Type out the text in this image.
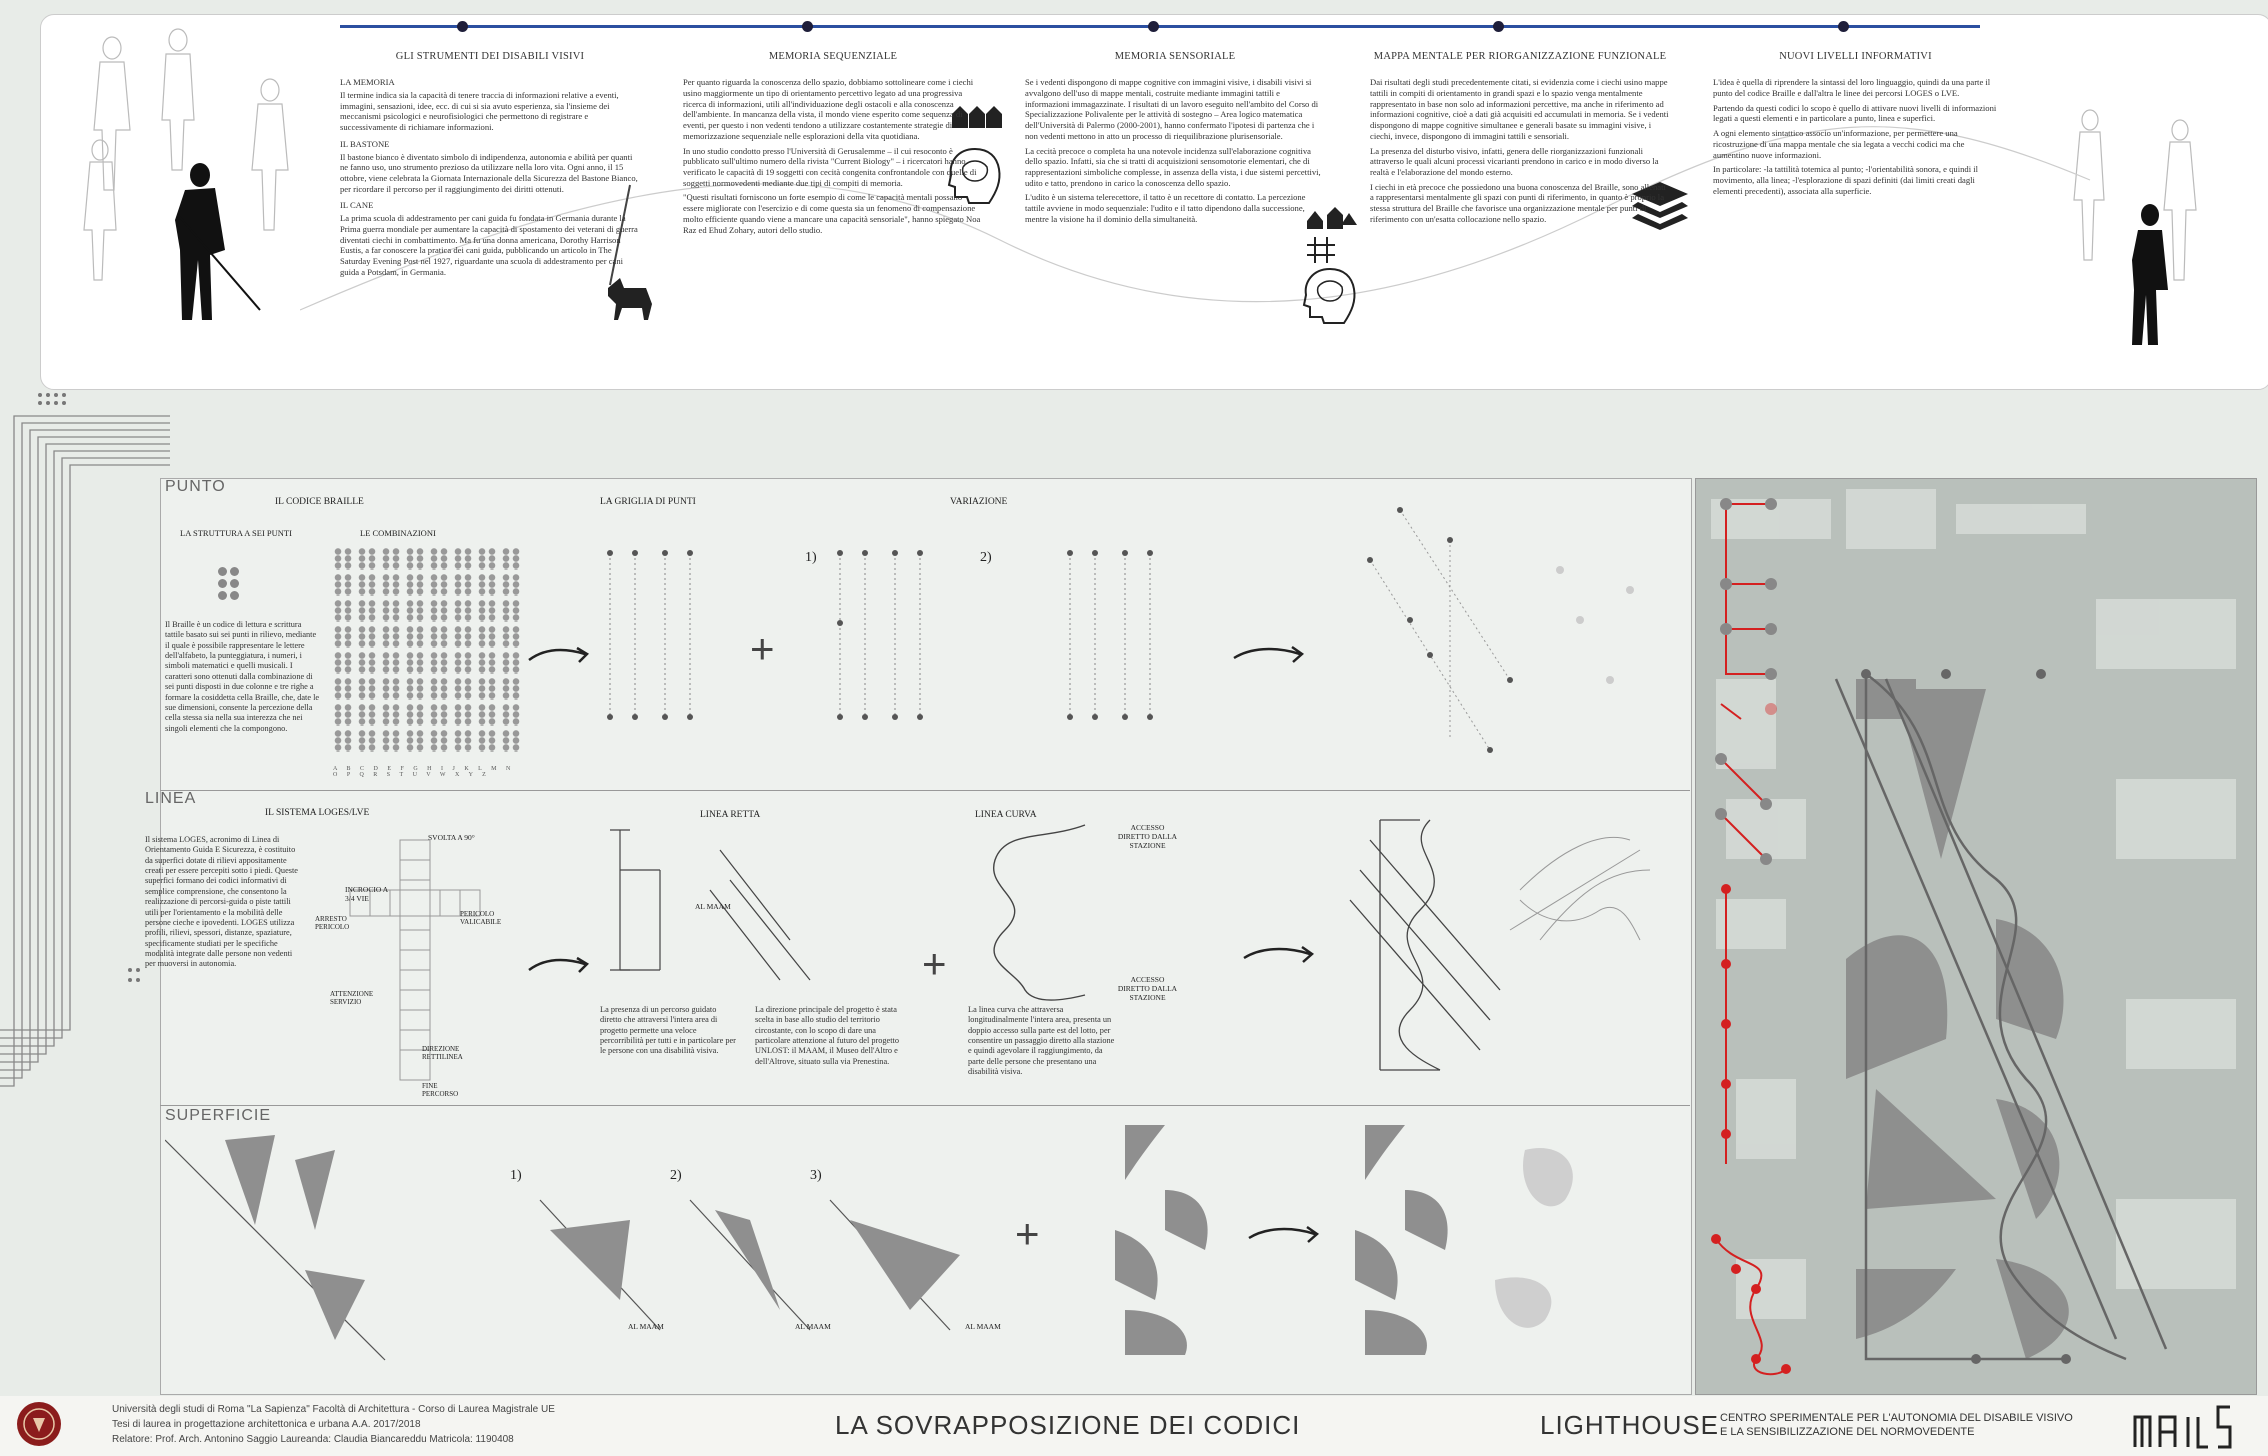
GLI STRUMENTI DEI DISABILI VISIVI
LA MEMORIA

Il termine indica sia la capacità di tenere traccia di informazioni relative a eventi, immagini, sensazioni, idee, ecc. di cui si sia avuto esperienza, sia l'insieme dei meccanismi psicologici e neurofisiologici che permettono di registrare e successivamente di richiamare informazioni.

IL BASTONE

Il bastone bianco è diventato simbolo di indipendenza, autonomia e abilità per quanti ne fanno uso, uno strumento prezioso da utilizzare nella loro vita. Ogni anno, il 15 ottobre, viene celebrata la Giornata Internazionale della Sicurezza del Bastone Bianco, per ricordare il percorso per il raggiungimento dei diritti ottenuti.

IL CANE

La prima scuola di addestramento per cani guida fu fondata in Germania durante la Prima guerra mondiale per aumentare la capacità di spostamento dei veterani di guerra diventati ciechi in combattimento. Ma fu una donna americana, Dorothy Harrison Eustis, a far conoscere la pratica dei cani guida, pubblicando un articolo in The Saturday Evening Post nel 1927, riguardante una scuola di addestramento per cani guida a Potsdam, in Germania.

MEMORIA SEQUENZIALE

Per quanto riguarda la conoscenza dello spazio, dobbiamo sottolineare come i ciechi usino maggiormente un tipo di orientamento percettivo legato ad una progressiva ricerca di informazioni, utili all'individuazione degli ostacoli e alla conoscenza dell'ambiente. In mancanza della vista, il mondo viene esperito come sequenza di eventi, per questo i non vedenti tendono a utilizzare costantemente strategie di memorizzazione sequenziale nelle esplorazioni della vita quotidiana.

In uno studio condotto presso l'Università di Gerusalemme – il cui resoconto è pubblicato sull'ultimo numero della rivista "Current Biology" – i ricercatori hanno verificato le capacità di 19 soggetti con cecità congenita confrontandole con quelle di soggetti normovedenti mediante due tipi di compiti di memoria.

"Questi risultati forniscono un forte esempio di come le capacità mentali possano essere migliorate con l'esercizio e di come questa sia un fenomeno di compensazione molto efficiente quando viene a mancare una capacità sensoriale", hanno spiegato Noa Raz ed Ehud Zohary, autori dello studio.

MEMORIA SENSORIALE

Se i vedenti dispongono di mappe cognitive con immagini visive, i disabili visivi si avvalgono dell'uso di mappe mentali, costruite mediante immagini tattili e informazioni immagazzinate. I risultati di un lavoro eseguito nell'ambito del Corso di Specializzazione Polivalente per le attività di sostegno – Area logico matematica dell'Università di Palermo (2000-2001), hanno confermato l'ipotesi di partenza che i non vedenti mettono in atto un processo di riequilibrazione plurisensoriale.

La cecità precoce o completa ha una notevole incidenza sull'elaborazione cognitiva dello spazio. Infatti, sia che si tratti di acquisizioni sensomotorie elementari, che di rappresentazioni simboliche complesse, in assenza della vista, i due sistemi percettivi, udito e tatto, prendono in carico la conoscenza dello spazio.

L'udito è un sistema telerecettore, il tatto è un recettore di contatto. La percezione tattile avviene in modo sequenziale: l'udito e il tatto dipendono dalla successione, mentre la visione ha il dominio della simultaneità.

MAPPA MENTALE PER RIORGANIZZAZIONE FUNZIONALE

Dai risultati degli studi precedentemente citati, si evidenzia come i ciechi usino mappe tattili in compiti di orientamento in grandi spazi e lo spazio venga mentalmente rappresentato in base non solo ad informazioni percettive, ma anche in riferimento ad informazioni cognitive, cioè a dati già acquisiti ed accumulati in memoria. Se i vedenti dispongono di mappe cognitive simultanee e generali basate su immagini visive, i ciechi, invece, dispongono di immagini tattili e sensoriali.

La presenza del disturbo visivo, infatti, genera delle riorganizzazioni funzionali attraverso le quali alcuni processi vicarianti prendono in carico e in modo diverso la realtà e l'elaborazione del mondo esterno.

I ciechi in età precoce che possiedono una buona conoscenza del Braille, sono allenati a rappresentarsi mentalmente gli spazi con punti di riferimento, in quanto è proprio la stessa struttura del Braille che favorisce una organizzazione mentale per punti di riferimento con un'esatta collocazione nello spazio.

NUOVI LIVELLI INFORMATIVI

L'idea è quella di riprendere la sintassi del loro linguaggio, quindi da una parte il punto del codice Braille e dall'altra le linee dei percorsi LOGES o LVE.

Partendo da questi codici lo scopo è quello di attivare nuovi livelli di informazioni legati a questi elementi e in particolare a punto, linea e superfici.

A ogni elemento sintattico associo un'informazione, per permettere una ricostruzione di una mappa mentale che sia legata a vecchi codici ma che aumentino nuove informazioni.

In particolare: -la tattilità totemica al punto; -l'orientabilità sonora, e quindi il movimento, alla linea; -l'esplorazione di spazi definiti (dai limiti creati dagli elementi precedenti), associata alla superficie.

PUNTO
IL CODICE BRAILLE
LA STRUTTURA A SEI PUNTI	LE COMBINAZIONI
Il Braille è un codice di lettura e scrittura tattile basato sui sei punti in rilievo, mediante il quale è possibile rappresentare le lettere dell'alfabeto, la punteggiatura, i numeri, i simboli matematici e quelli musicali. I caratteri sono ottenuti dalla combinazione di sei punti disposti in due colonne e tre righe a formare la cosiddetta cella Braille, che, date le sue dimensioni, consente la percezione della cella stessa sia nella sua interezza che nei singoli elementi che la compongono.
LA GRIGLIA DI PUNTI
+
VARIAZIONE
1)	2)
LINEA
IL SISTEMA LOGES/LVE
Il sistema LOGES, acronimo di Linea di Orientamento Guida E Sicurezza, è costituito da superfici dotate di rilievi appositamente creati per essere percepiti sotto i piedi. Queste superfici formano dei codici informativi di semplice comprensione, che consentono la realizzazione di percorsi-guida o piste tattili utili per l'orientamento e la mobilità delle persone cieche e ipovedenti. LOGES utilizza profili, rilievi, spessori, distanze, spaziature, specificamente studiati per le specifiche modalità integrate dalle persone non vedenti per muoversi in autonomia.
SVOLTA A 90°
INCROCIO A 3/4 VIE
ARRESTO PERICOLO
PERICOLO VALICABILE
ATTENZIONE SERVIZIO
DIREZIONE RETTILINEA
FINE PERCORSO
LINEA RETTA
AL MAAM
La presenza di un percorso guidato diretto che attraversi l'intera area di progetto permette una veloce percorribilità per tutti e in particolare per le persone con una disabilità visiva.
La direzione principale del progetto è stata scelta in base allo studio del territorio circostante, con lo scopo di dare una particolare attenzione al futuro del progetto UNLOST: il MAAM, il Museo dell'Altro e dell'Altrove, situato sulla via Prenestina.
+
LINEA CURVA
ACCESSO DIRETTO DALLA STAZIONE
ACCESSO DIRETTO DALLA STAZIONE
La linea curva che attraversa longitudinalmente l'intera area, presenta un doppio accesso sulla parte est del lotto, per consentire un passaggio diretto alla stazione e quindi agevolare il raggiungimento, da parte delle persone che presentano una disabilità visiva.
SUPERFICIE
1)	2)	3)
AL MAAM	AL MAAM	AL MAAM
+
Università degli studi di Roma "La Sapienza" Facoltà di Architettura - Corso di Laurea Magistrale UE
Tesi di laurea in progettazione architettonica e urbana A.A. 2017/2018
Relatore: Prof. Arch. Antonino Saggio Laureanda: Claudia Biancareddu Matricola: 1190408	LA SOVRAPPOSIZIONE DEI CODICI	LIGHTHOUSE CENTRO SPERIMENTALE PER L'AUTONOMIA DEL DISABILE VISIVO
E LA SENSIBILIZZAZIONE DEL NORMOVEDENTE
A B C D E F G H I J K L M N O P Q R S T U V W X Y Z
